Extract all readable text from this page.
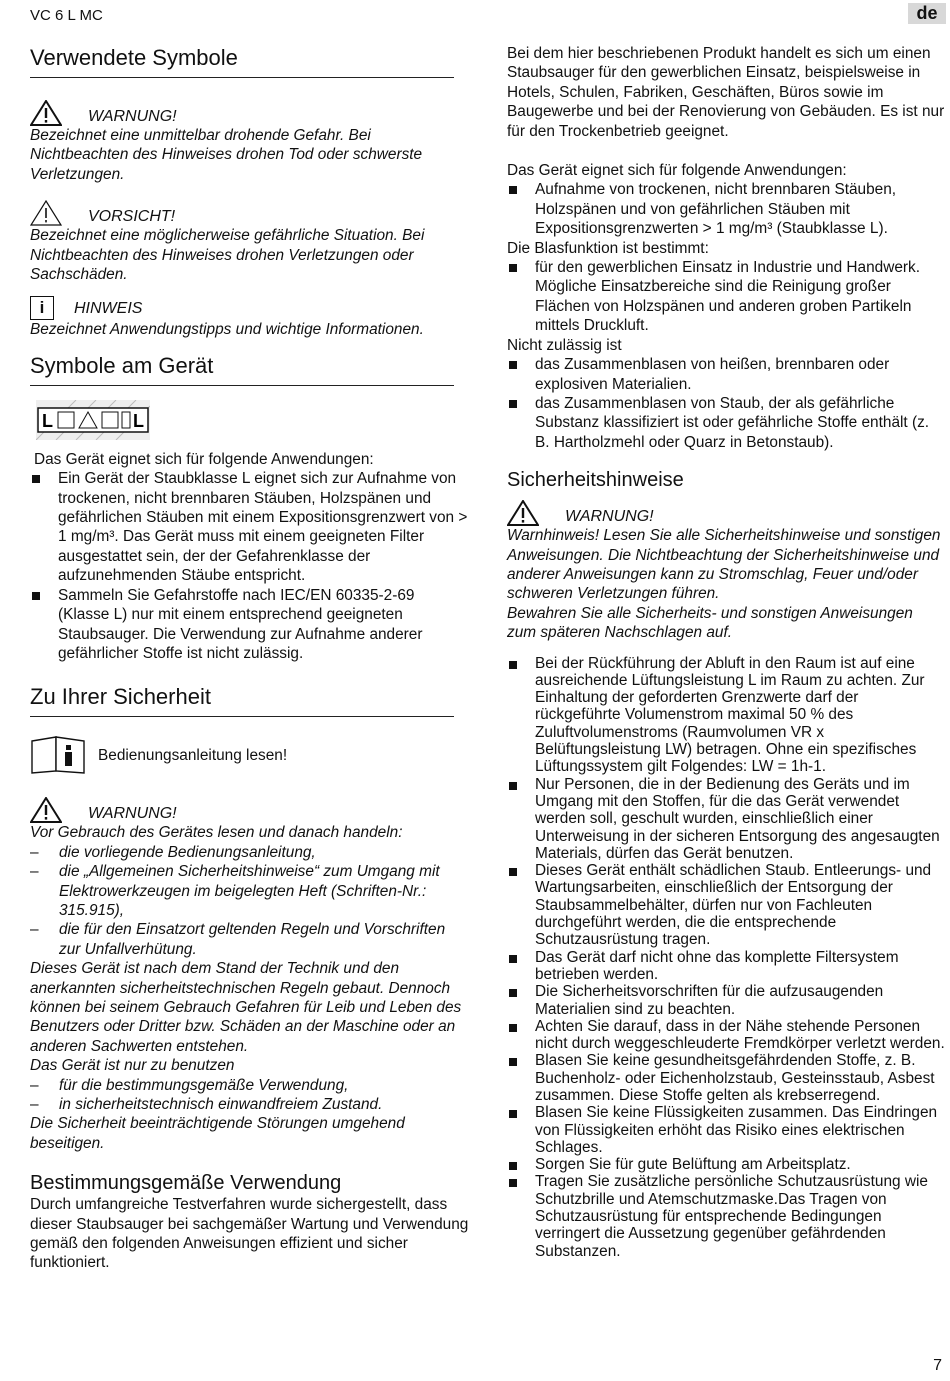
VC 6 L MC	de
7
Verwendete Symbole
WARNUNG!

Bezeichnet eine unmittelbar drohende Gefahr. Bei Nichtbeachten des Hinweises drohen Tod oder schwerste Verletzungen.

VORSICHT!

Bezeichnet eine möglicherweise gefährliche Situation. Bei Nichtbeachten des Hinweises drohen Verletzungen oder Sachschäden.

i	HINWEIS

Bezeichnet Anwendungstipps und wichtige Informationen.

Symbole am Gerät
L	L

Das Gerät eignet sich für folgende Anwendungen:

Ein Gerät der Staubklasse L eignet sich zur Aufnahme von trockenen, nicht brennbaren Stäuben, Holzspänen und gefährlichen Stäuben mit einem Expositionsgrenzwert von > 1 mg/m³. Das Gerät muss mit einem geeigneten Filter ausgestattet sein, der der Gefahrenklasse der aufzunehmenden Stäube entspricht.
Sammeln Sie Gefahrstoffe nach IEC/EN 60335-2-69 (Klasse L) nur mit einem entsprechend geeigneten Staubsauger. Die Verwendung zur Aufnahme anderer gefährlicher Stoffe ist nicht zulässig.
Zu Ihrer Sicherheit
Bedienungsanleitung lesen!
WARNUNG!

Vor Gebrauch des Gerätes lesen und danach handeln:

– die vorliegende Bedienungsanleitung,
– die „Allgemeinen Sicherheitshinweise“ zum Umgang mit Elektrowerkzeugen im beigelegten Heft (Schriften-Nr.: 315.915),
– die für den Einsatzort geltenden Regeln und Vorschriften zur Unfallverhütung.

Dieses Gerät ist nach dem Stand der Technik und den anerkannten sicherheitstechnischen Regeln gebaut. Dennoch können bei seinem Gebrauch Gefahren für Leib und Leben des Benutzers oder Dritter bzw. Schäden an der Maschine oder an anderen Sachwerten entstehen.

Das Gerät ist nur zu benutzen

– für die bestimmungsgemäße Verwendung,
– in sicherheitstechnisch einwandfreiem Zustand.

Die Sicherheit beeinträchtigende Störungen umgehend beseitigen.

Bestimmungsgemäße Verwendung

Durch umfangreiche Testverfahren wurde sichergestellt, dass dieser Staubsauger bei sachgemäßer Wartung und Verwendung gemäß den folgenden Anweisungen effizient und sicher funktioniert.

Bei dem hier beschriebenen Produkt handelt es sich um einen Staubsauger für den gewerblichen Einsatz, beispielsweise in Hotels, Schulen, Fabriken, Geschäften, Büros sowie im Baugewerbe und bei der Renovierung von Gebäuden. Es ist nur für den Trockenbetrieb geeignet.

Das Gerät eignet sich für folgende Anwendungen:

Aufnahme von trockenen, nicht brennbaren Stäuben, Holzspänen und von gefährlichen Stäuben mit Expositionsgrenzwerten > 1 mg/m³ (Staubklasse L).

Die Blasfunktion ist bestimmt:

für den gewerblichen Einsatz in Industrie und Handwerk. Mögliche Einsatzbereiche sind die Reinigung großer Flächen von Holzspänen und anderen groben Partikeln mittels Druckluft.

Nicht zulässig ist

das Zusammenblasen von heißen, brennbaren oder explosiven Materialien.
das Zusammenblasen von Staub, der als gefährliche Substanz klassifiziert ist oder gefährliche Stoffe enthält (z. B. Hartholzmehl oder Quarz in Betonstaub).
Sicherheitshinweise
WARNUNG!

Warnhinweis! Lesen Sie alle Sicherheitshinweise und sonstigen Anweisungen. Die Nichtbeachtung der Sicherheitshinweise und anderer Anweisungen kann zu Stromschlag, Feuer und/oder schweren Verletzungen führen.

Bewahren Sie alle Sicherheits- und sonstigen Anweisungen zum späteren Nachschlagen auf.

Bei der Rückführung der Abluft in den Raum ist auf eine ausreichende Lüftungsleistung L im Raum zu achten. Zur Einhaltung der geforderten Grenzwerte darf der rückgeführte Volumenstrom maximal 50 % des Zuluftvolumenstroms (Raumvolumen VR x Belüftungsleistung LW) betragen. Ohne ein spezifisches Lüftungssystem gilt Folgendes: LW = 1h-1.
Nur Personen, die in der Bedienung des Geräts und im Umgang mit den Stoffen, für die das Gerät verwendet werden soll, geschult wurden, einschließlich einer Unterweisung in der sicheren Entsorgung des angesaugten Materials, dürfen das Gerät benutzen.
Dieses Gerät enthält schädlichen Staub. Entleerungs- und Wartungsarbeiten, einschließlich der Entsorgung der Staubsammelbehälter, dürfen nur von Fachleuten durchgeführt werden, die die entsprechende Schutzausrüstung tragen.
Das Gerät darf nicht ohne das komplette Filtersystem betrieben werden.
Die Sicherheitsvorschriften für die aufzusaugenden Materialien sind zu beachten.
Achten Sie darauf, dass in der Nähe stehende Personen nicht durch weggeschleuderte Fremdkörper verletzt werden.
Blasen Sie keine gesundheitsgefährdenden Stoffe, z. B. Buchenholz- oder Eichenholzstaub, Gesteinsstaub, Asbest zusammen. Diese Stoffe gelten als krebserregend.
Blasen Sie keine Flüssigkeiten zusammen. Das Eindringen von Flüssigkeiten erhöht das Risiko eines elektrischen Schlages.
Sorgen Sie für gute Belüftung am Arbeitsplatz.
Tragen Sie zusätzliche persönliche Schutzausrüstung wie Schutzbrille und Atemschutzmaske.Das Tragen von Schutzausrüstung für entsprechende Bedingungen verringert die Aussetzung gegenüber gefährdenden Substanzen.
